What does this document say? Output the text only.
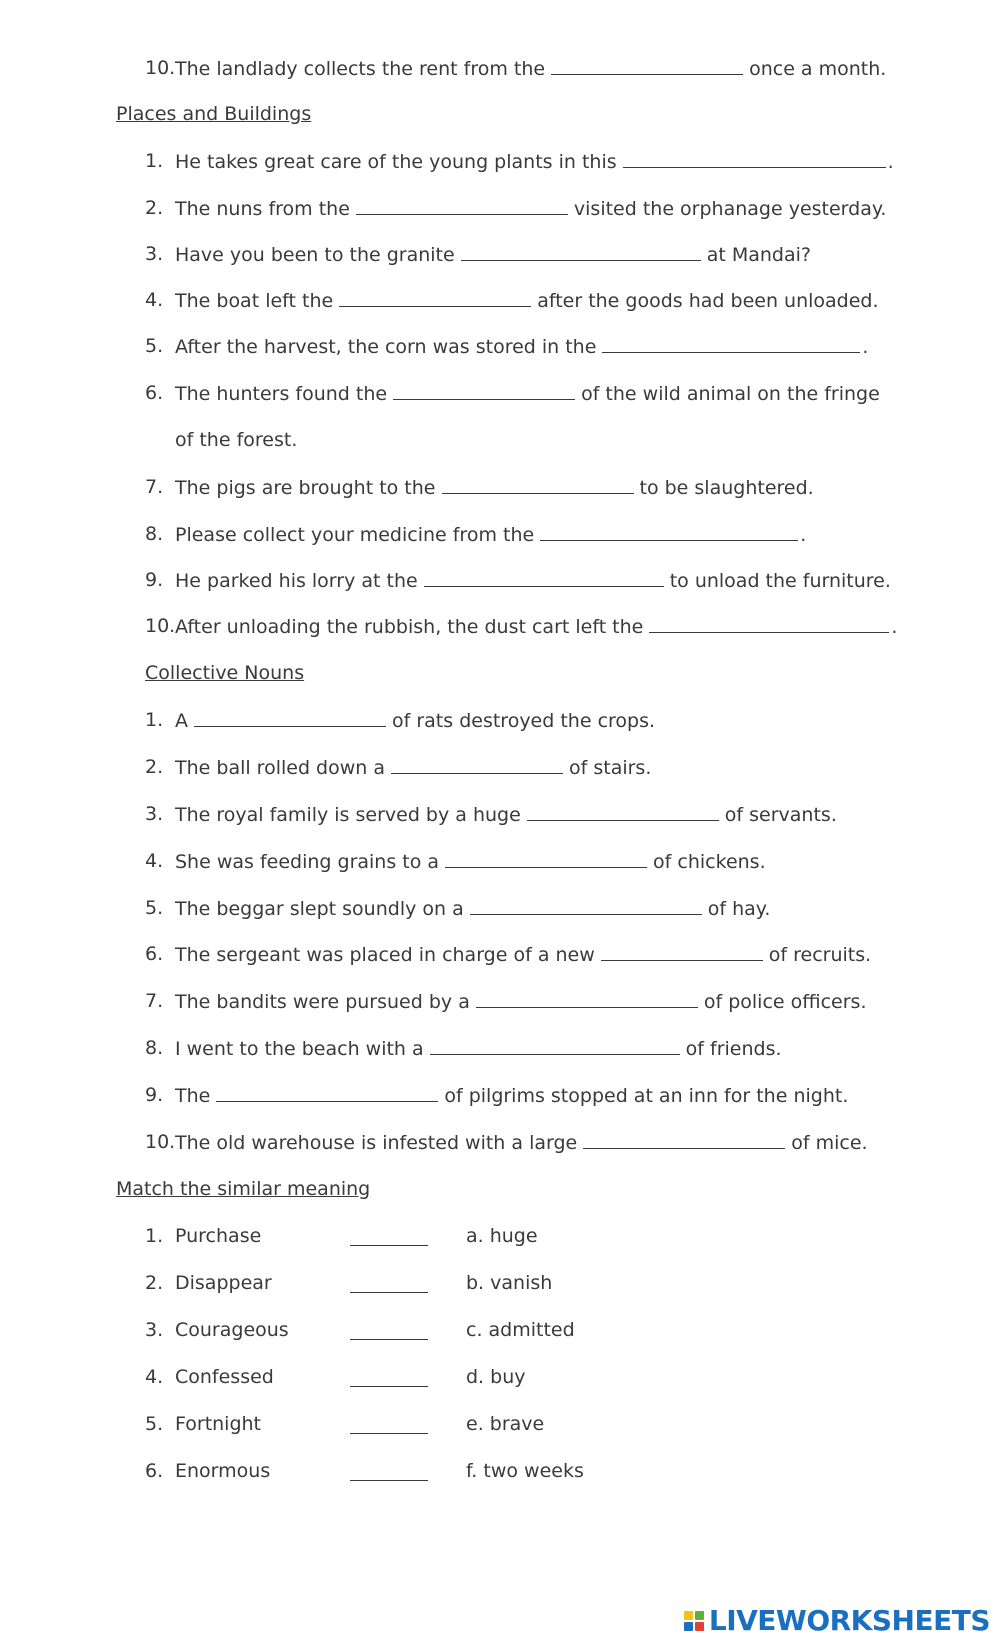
10. The landlady collects the rent from the	once a month.
Places and Buildings
1. He takes great care of the young plants in this	.
2. The nuns from the	visited the orphanage yesterday.
3. Have you been to the granite	at Mandai?
4. The boat left the	after the goods had been unloaded.
5. After the harvest, the corn was stored in the	.
6. The hunters found the	of the wild animal on the fringe
of the forest.
7. The pigs are brought to the	to be slaughtered.
8. Please collect your medicine from the	.
9. He parked his lorry at the	to unload the furniture.
10. After unloading the rubbish, the dust cart left the	.
Collective Nouns
1. A	of rats destroyed the crops.
2. The ball rolled down a	of stairs.
3. The royal family is served by a huge	of servants.
4. She was feeding grains to a	of chickens.
5. The beggar slept soundly on a	of hay.
6. The sergeant was placed in charge of a new	of recruits.
7. The bandits were pursued by a	of police officers.
8. I went to the beach with a	of friends.
9. The	of pilgrims stopped at an inn for the night.
10. The old warehouse is infested with a large	of mice.
Match the similar meaning
1. Purchase	a. huge
2. Disappear	b. vanish
3. Courageous	c. admitted
4. Confessed	d. buy
5. Fortnight	e. brave
6. Enormous	f. two weeks
LIVEWORKSHEETS
